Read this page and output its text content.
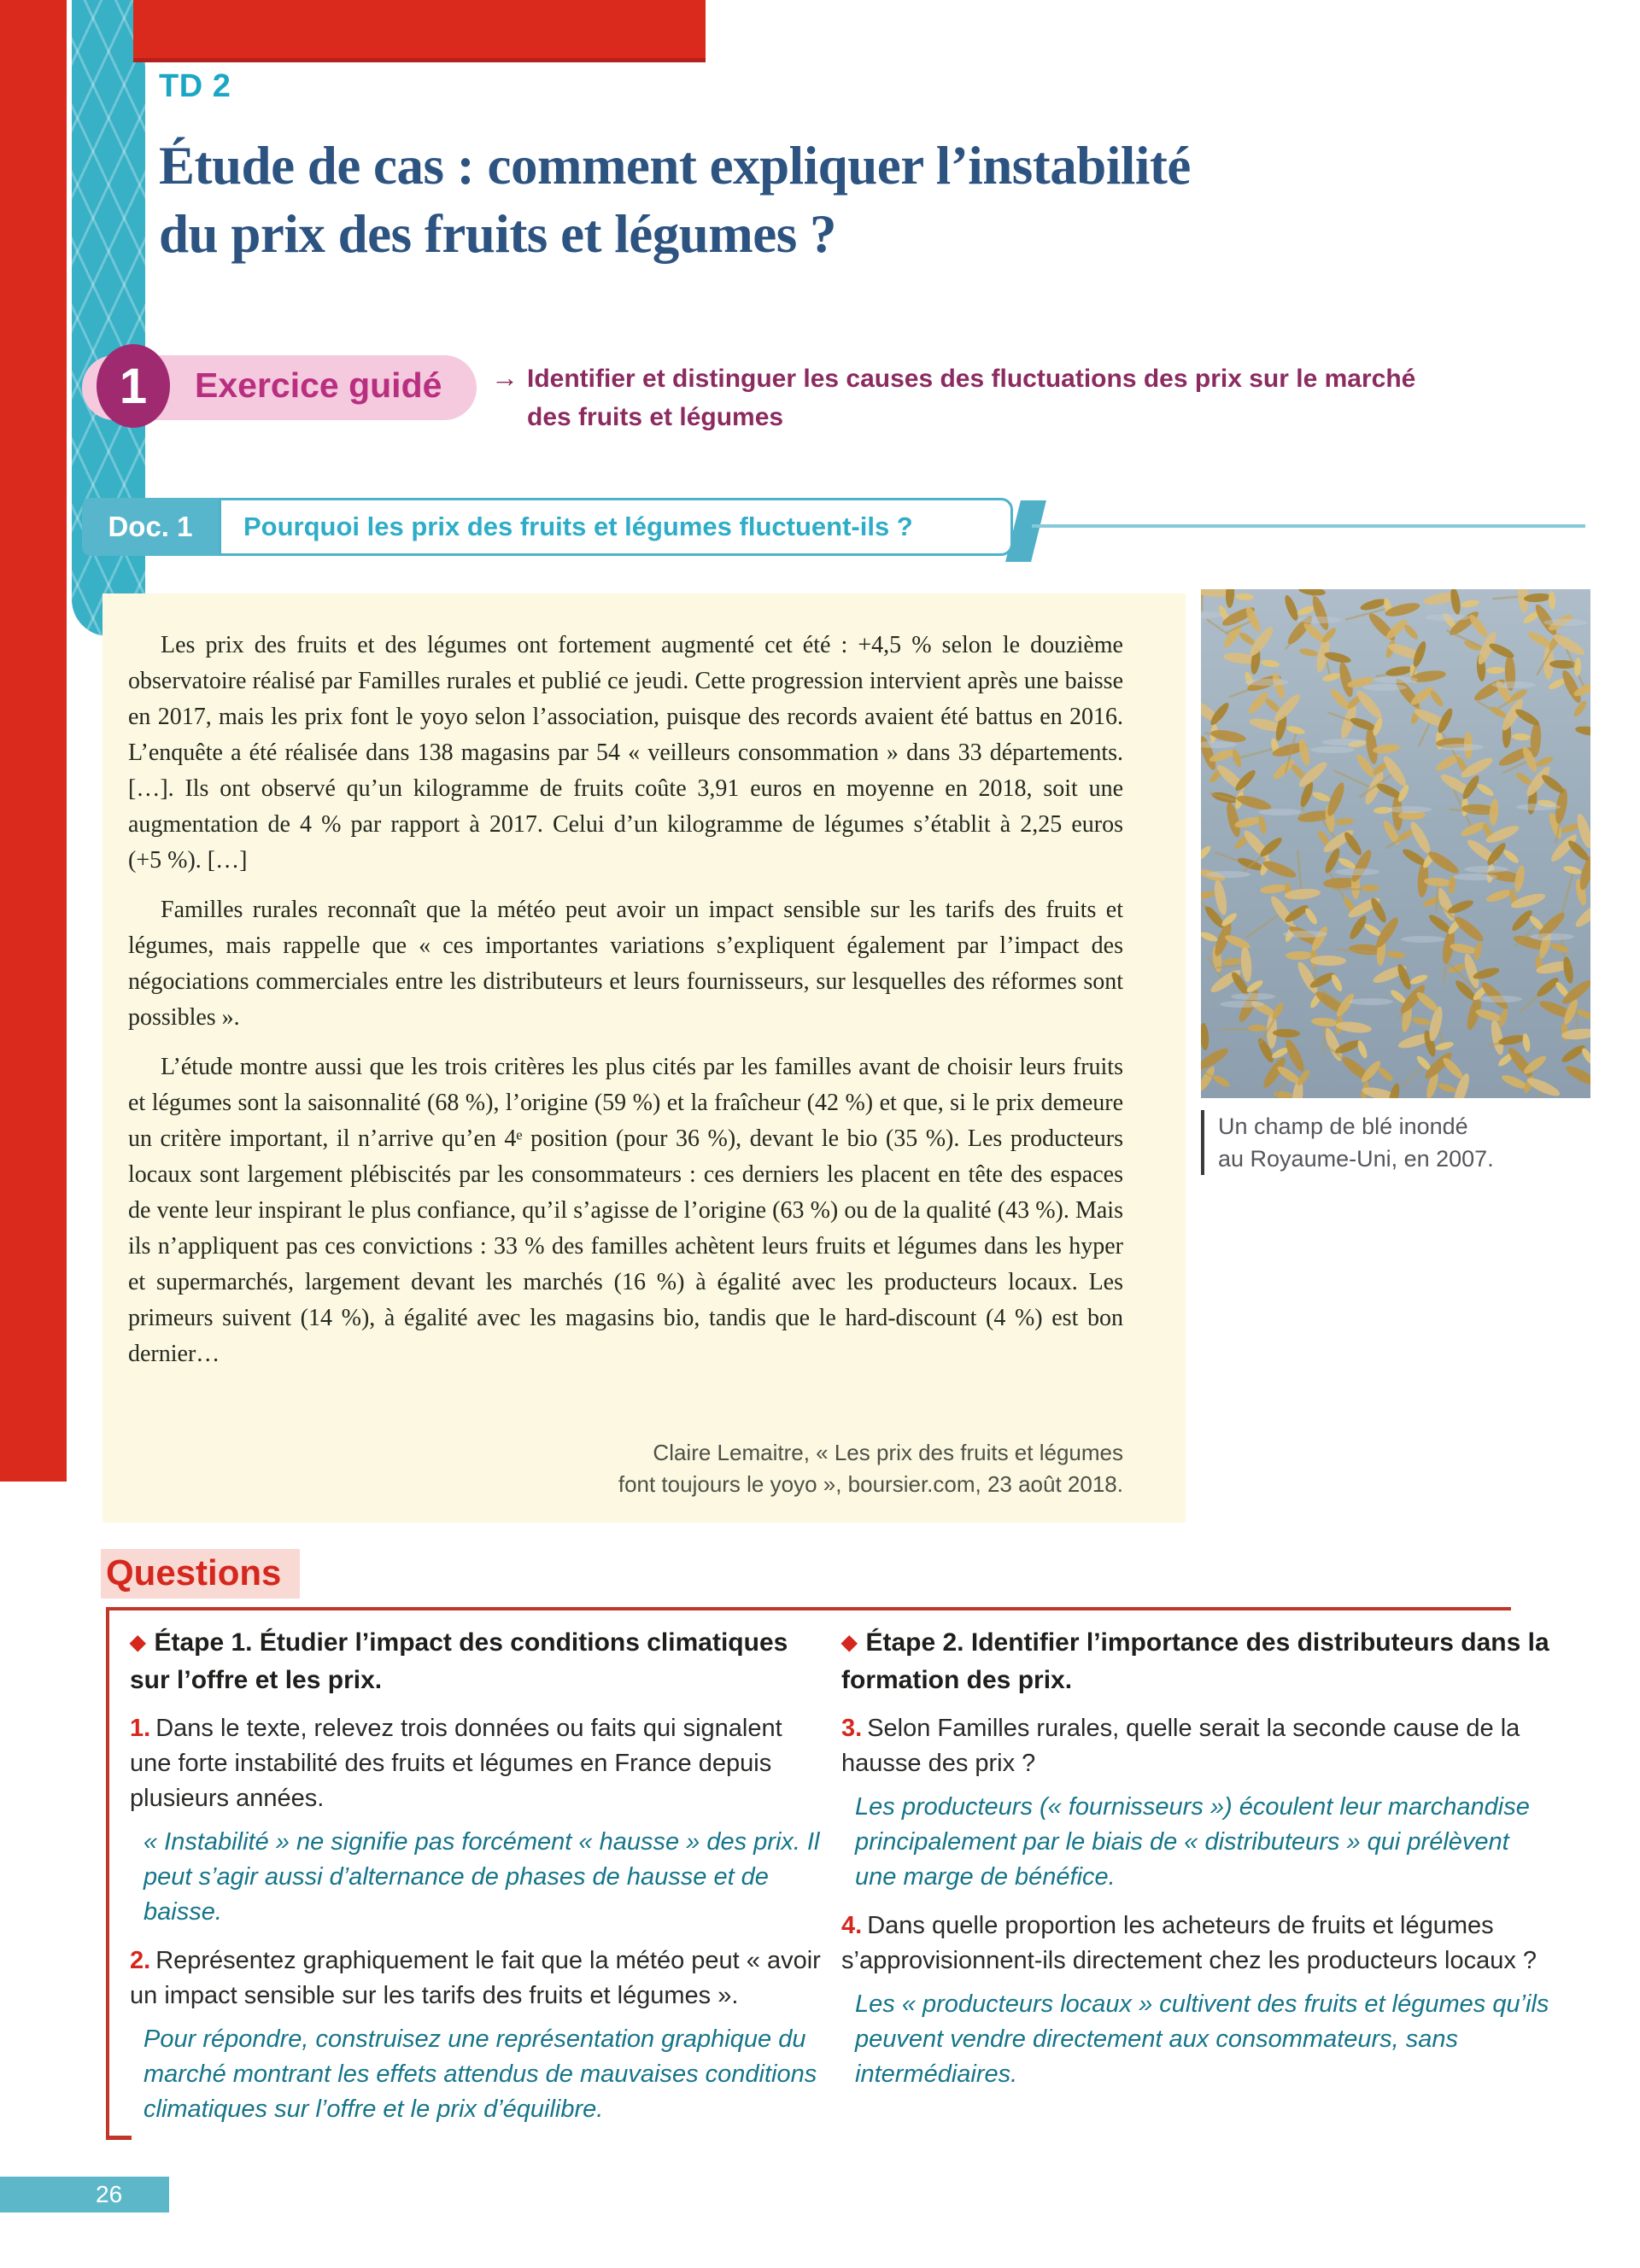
TD 2
Étude de cas : comment expliquer l’instabilité
du prix des fruits et légumes ?
1	Exercice guidé → Identifier et distinguer les causes des fluctuations des prix sur le marché
des fruits et légumes
Doc. 1	Pourquoi les prix des fruits et légumes fluctuent-ils ?

Les prix des fruits et des légumes ont fortement augmenté cet été : +4,5 % selon le douzième observatoire réalisé par Familles rurales et publié ce jeudi. Cette progression intervient après une baisse en 2017, mais les prix font le yoyo selon l’association, puisque des records avaient été battus en 2016. L’enquête a été réalisée dans 138 magasins par 54 « veilleurs consommation » dans 33 départements. […]. Ils ont observé qu’un kilogramme de fruits coûte 3,91 euros en moyenne en 2018, soit une augmentation de 4 % par rapport à 2017. Celui d’un kilogramme de légumes s’établit à 2,25 euros (+5 %). […]

Familles rurales reconnaît que la météo peut avoir un impact sensible sur les tarifs des fruits et légumes, mais rappelle que « ces importantes variations s’expliquent également par l’impact des négociations commerciales entre les distributeurs et leurs fournisseurs, sur lesquelles des réformes sont possibles ».

L’étude montre aussi que les trois critères les plus cités par les familles avant de choisir leurs fruits et légumes sont la saisonnalité (68 %), l’origine (59 %) et la fraîcheur (42 %) et que, si le prix demeure un critère important, il n’arrive qu’en 4ᵉ position (pour 36 %), devant le bio (35 %). Les producteurs locaux sont largement plébiscités par les consommateurs : ces derniers les placent en tête des espaces de vente leur inspirant le plus confiance, qu’il s’agisse de l’origine (63 %) ou de la qualité (43 %). Mais ils n’appliquent pas ces convictions : 33 % des familles achètent leurs fruits et légumes dans les hyper et supermarchés, largement devant les marchés (16 %) à égalité avec les producteurs locaux. Les primeurs suivent (14 %), à égalité avec les magasins bio, tandis que le hard-discount (4 %) est bon dernier…

Claire Lemaitre, « Les prix des fruits et légumes
font toujours le yoyo », boursier.com, 23 août 2018.
Un champ de blé inondé
au Royaume-Uni, en 2007.
Questions
◆ Étape 1. Étudier l’impact des conditions climatiques sur l’offre et les prix.

1. Dans le texte, relevez trois données ou faits qui signalent une forte instabilité des fruits et légumes en France depuis plusieurs années.

« Instabilité » ne signifie pas forcément « hausse » des prix. Il peut s’agir aussi d’alternance de phases de hausse et de baisse.

2. Représentez graphiquement le fait que la météo peut « avoir un impact sensible sur les tarifs des fruits et légumes ».

Pour répondre, construisez une représentation graphique du marché montrant les effets attendus de mauvaises conditions climatiques sur l’offre et le prix d’équilibre.

◆ Étape 2. Identifier l’importance des distributeurs dans la formation des prix.

3. Selon Familles rurales, quelle serait la seconde cause de la hausse des prix ?

Les producteurs (« fournisseurs ») écoulent leur marchandise principalement par le biais de « distributeurs » qui prélèvent une marge de bénéfice.

4. Dans quelle proportion les acheteurs de fruits et légumes s’approvisionnent-ils directement chez les producteurs locaux ?

Les « producteurs locaux » cultivent des fruits et légumes qu’ils peuvent vendre directement aux consommateurs, sans intermédiaires.

26
